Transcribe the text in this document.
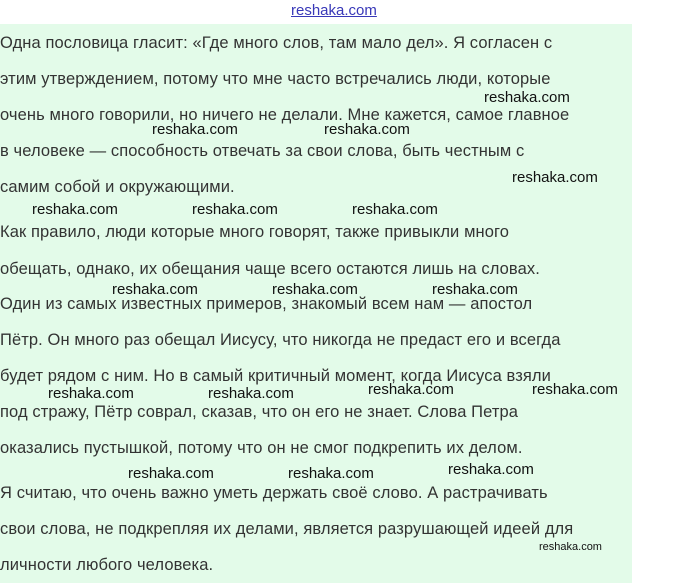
reshaka.com
Одна пословица гласит: «Где много слов, там мало дел». Я согласен с
этим утверждением, потому что мне часто встречались люди, которые
очень много говорили, но ничего не делали. Мне кажется, самое главное
в человеке — способность отвечать за свои слова, быть честным с
самим собой и окружающими.
Как правило, люди которые много говорят, также привыкли много
обещать, однако, их обещания чаще всего остаются лишь на словах.
Один из самых известных примеров, знакомый всем нам — апостол
Пётр. Он много раз обещал Иисусу, что никогда не предаст его и всегда
будет рядом с ним. Но в самый критичный момент, когда Иисуса взяли
под стражу, Пётр соврал, сказав, что он его не знает. Слова Петра
оказались пустышкой, потому что он не смог подкрепить их делом.
Я считаю, что очень важно уметь держать своё слово. А растрачивать
свои слова, не подкрепляя их делами, является разрушающей идеей для
личности любого человека.
reshaka.com
reshaka.com	reshaka.com
reshaka.com
reshaka.com	reshaka.com	reshaka.com
reshaka.com	reshaka.com	reshaka.com
reshaka.com	reshaka.com
reshaka.com	reshaka.com
reshaka.com
reshaka.com	reshaka.com
reshaka.com
